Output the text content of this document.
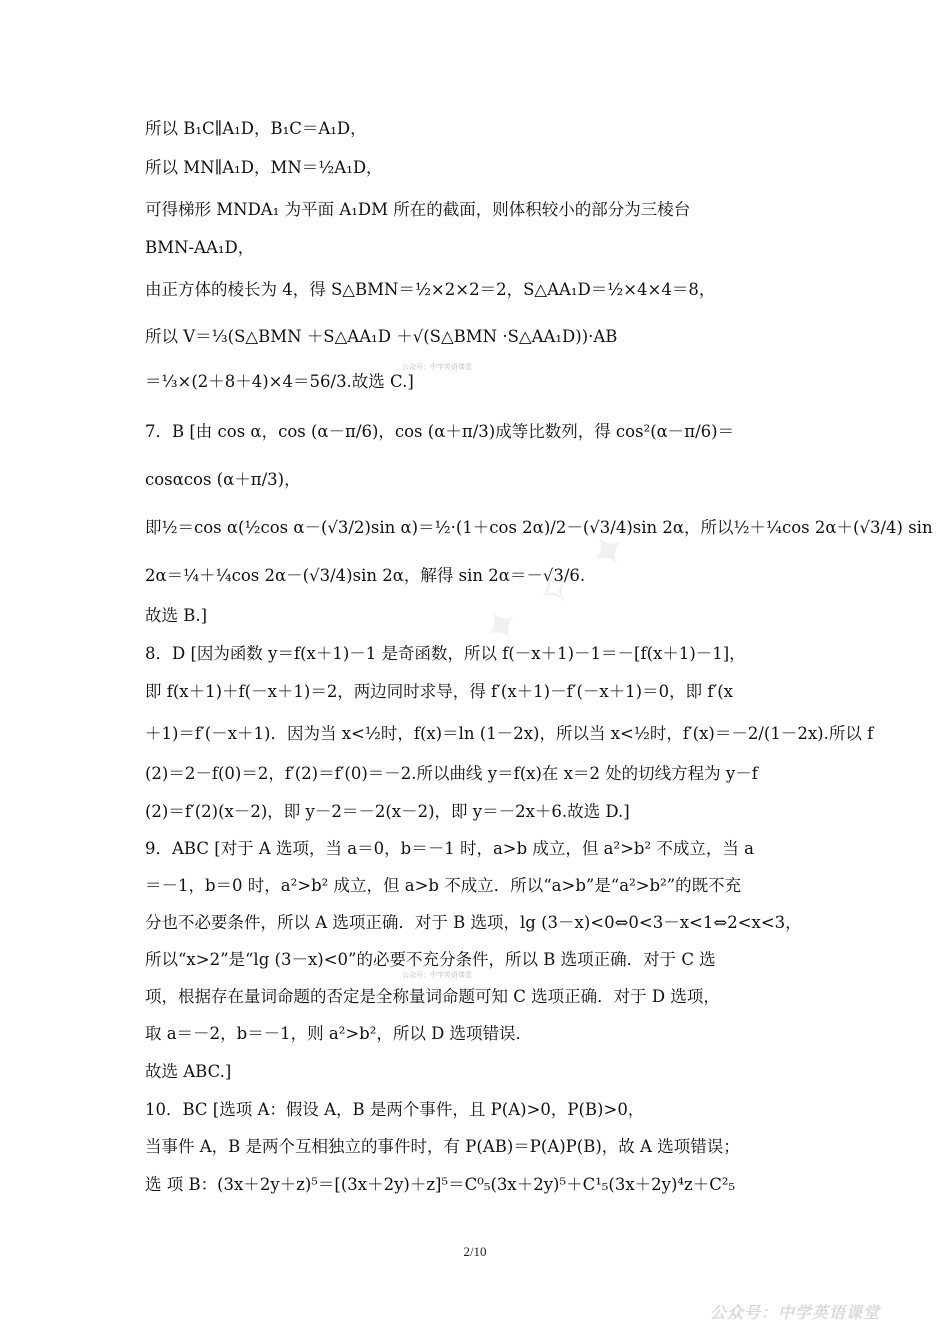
所以 B₁C∥A₁D，B₁C＝A₁D，
所以 MN∥A₁D，MN＝½A₁D，
可得梯形 MNDA₁ 为平面 A₁DM 所在的截面，则体积较小的部分为三棱台
BMN-AA₁D，
由正方体的棱长为 4，得 S△BMN＝½×2×2＝2，S△AA₁D＝½×4×4＝8，
所以 V＝⅓(S△BMN ＋S△AA₁D ＋√(S△BMN ·S△AA₁D))·AB
＝⅓×(2＋8＋4)×4＝56/3.故选 C.]
7．B [由 cos α，cos (α－π/6)，cos (α＋π/3)成等比数列，得 cos²(α－π/6)＝
cosαcos (α＋π/3)，
即½＝cos α(½cos α－(√3/2)sin α)＝½·(1＋cos 2α)/2－(√3/4)sin 2α，所以½＋¼cos 2α＋(√3/4) sin
2α＝¼＋¼cos 2α－(√3/4)sin 2α，解得 sin 2α＝－√3/6.
故选 B.]
8．D [因为函数 y＝f(x＋1)－1 是奇函数，所以 f(－x＋1)－1＝－[f(x＋1)－1]，
即 f(x＋1)＋f(－x＋1)＝2，两边同时求导，得 f′(x＋1)－f′(－x＋1)＝0，即 f′(x
＋1)＝f′(－x＋1)．因为当 x<½时，f(x)＝ln (1－2x)，所以当 x<½时，f′(x)＝－2/(1－2x).所以 f
(2)＝2－f(0)＝2，f′(2)＝f′(0)＝－2.所以曲线 y＝f(x)在 x＝2 处的切线方程为 y－f
(2)＝f′(2)(x－2)，即 y－2＝－2(x－2)，即 y＝－2x＋6.故选 D.]
9．ABC [对于 A 选项，当 a＝0，b＝－1 时，a>b 成立，但 a²>b² 不成立，当 a
＝－1，b＝0 时，a²>b² 成立，但 a>b 不成立．所以“a>b”是“a²>b²”的既不充
分也不必要条件，所以 A 选项正确．对于 B 选项，lg (3－x)<0⇔0<3－x<1⇔2<x<3，
所以“x>2”是“lg (3－x)<0”的必要不充分条件，所以 B 选项正确．对于 C 选
项，根据存在量词命题的否定是全称量词命题可知 C 选项正确．对于 D 选项，
取 a＝－2，b＝－1，则 a²>b²，所以 D 选项错误．
故选 ABC.]
10．BC [选项 A：假设 A，B 是两个事件，且 P(A)>0，P(B)>0，
当事件 A，B 是两个互相独立的事件时，有 P(AB)＝P(A)P(B)，故 A 选项错误；
选 项 B：(3x＋2y＋z)⁵＝[(3x＋2y)＋z]⁵＝C⁰₅(3x＋2y)⁵＋C¹₅(3x＋2y)⁴z＋C²₅
公众号：中学英语课堂
公众号：中学英语课堂
✦ ✧ ✦
2/10
公众号：中学英语课堂
